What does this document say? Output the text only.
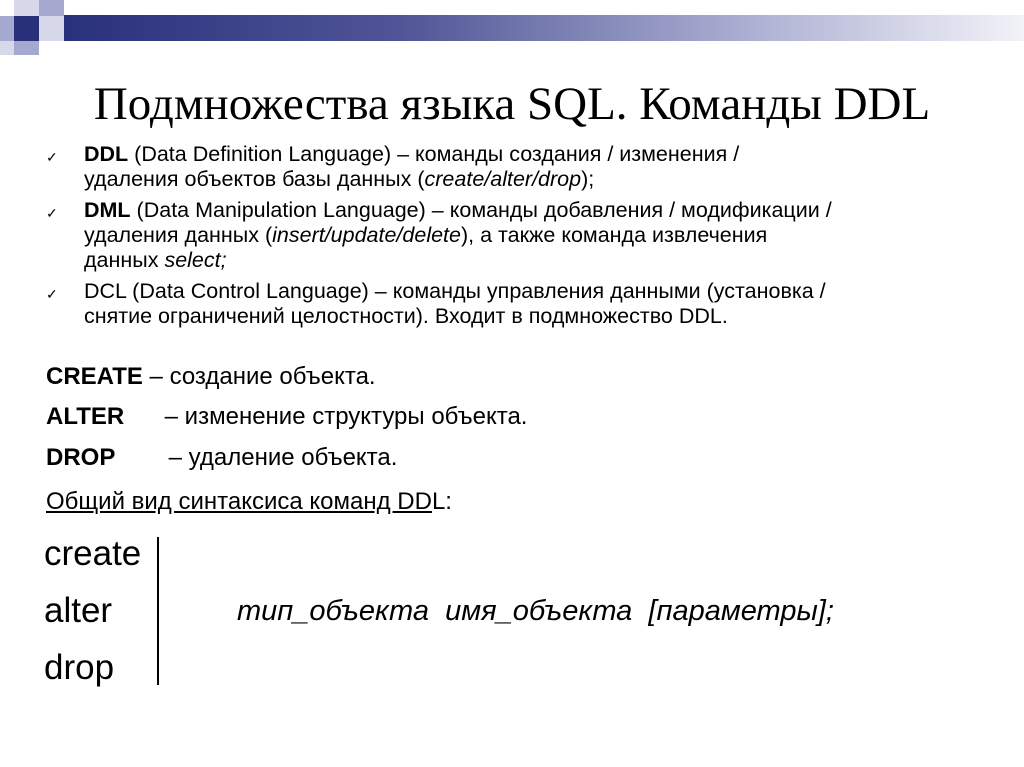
Подмножества языка SQL. Команды DDL
✓ DDL (Data Definition Language) – команды создания / изменения /
удаления объектов базы данных (create/alter/drop);
✓ DML (Data Manipulation Language) – команды добавления / модификации /
удаления данных (insert/update/delete), а также команда извлечения
данных select;
✓ DCL (Data Control Language) – команды управления данными (установка /
снятие ограничений целостности). Входит в подмножество DDL.
CREATE – создание объекта.
ALTER – изменение структуры объекта.
DROP – удаление объекта.
Общий вид синтаксиса команд DDL:
create
alter
drop
тип_объекта  имя_объекта  [параметры];
